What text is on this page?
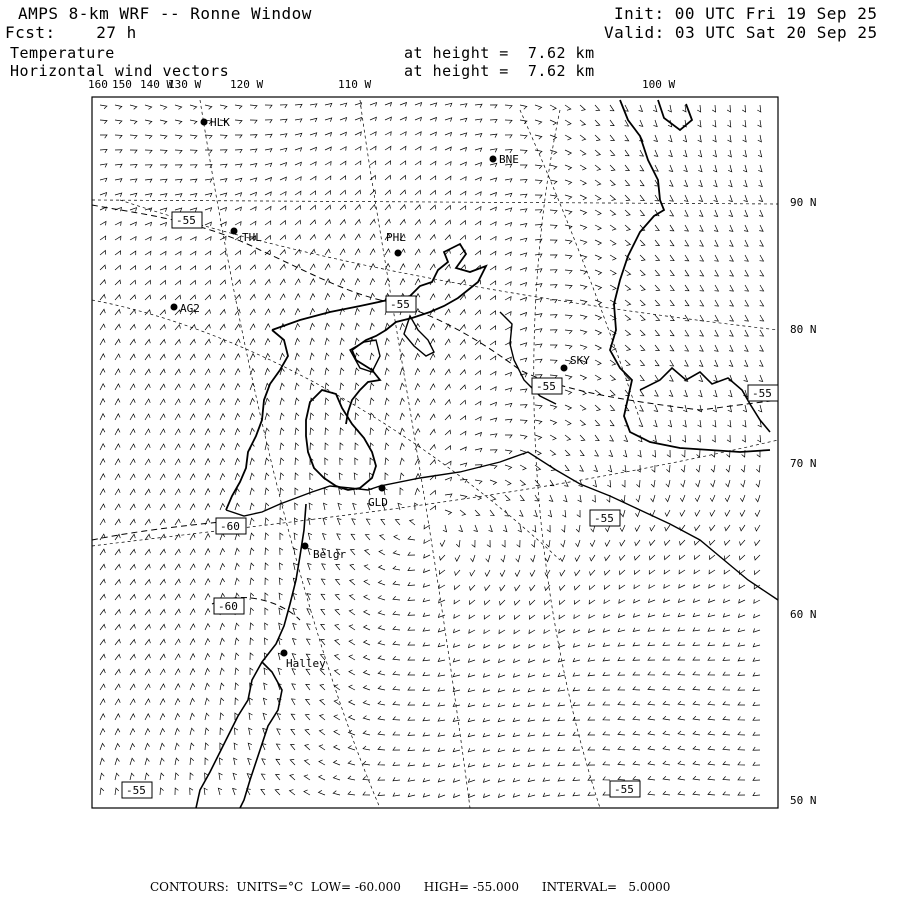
AMPS 8-km WRF -- Ronne Window
Fcst:    27 h
Temperature
Horizontal wind vectors
Init: 00 UTC Fri 19 Sep 25
Valid: 03 UTC Sat 20 Sep 25
at height =  7.62 km
at height =  7.62 km
160 150 140 W
130 W	120 W	110 W	100 W
90 N
80 N
70 N
60 N
50 N
HLK
BNE
THL	PHL
AG2
SKY
GLD
Belgr
Halley
-55
-55
-55
-55
-60
-55
-60
-55	-55
CONTOURS:  UNITS=°C  LOW= -60.000      HIGH= -55.000      INTERVAL=   5.0000
